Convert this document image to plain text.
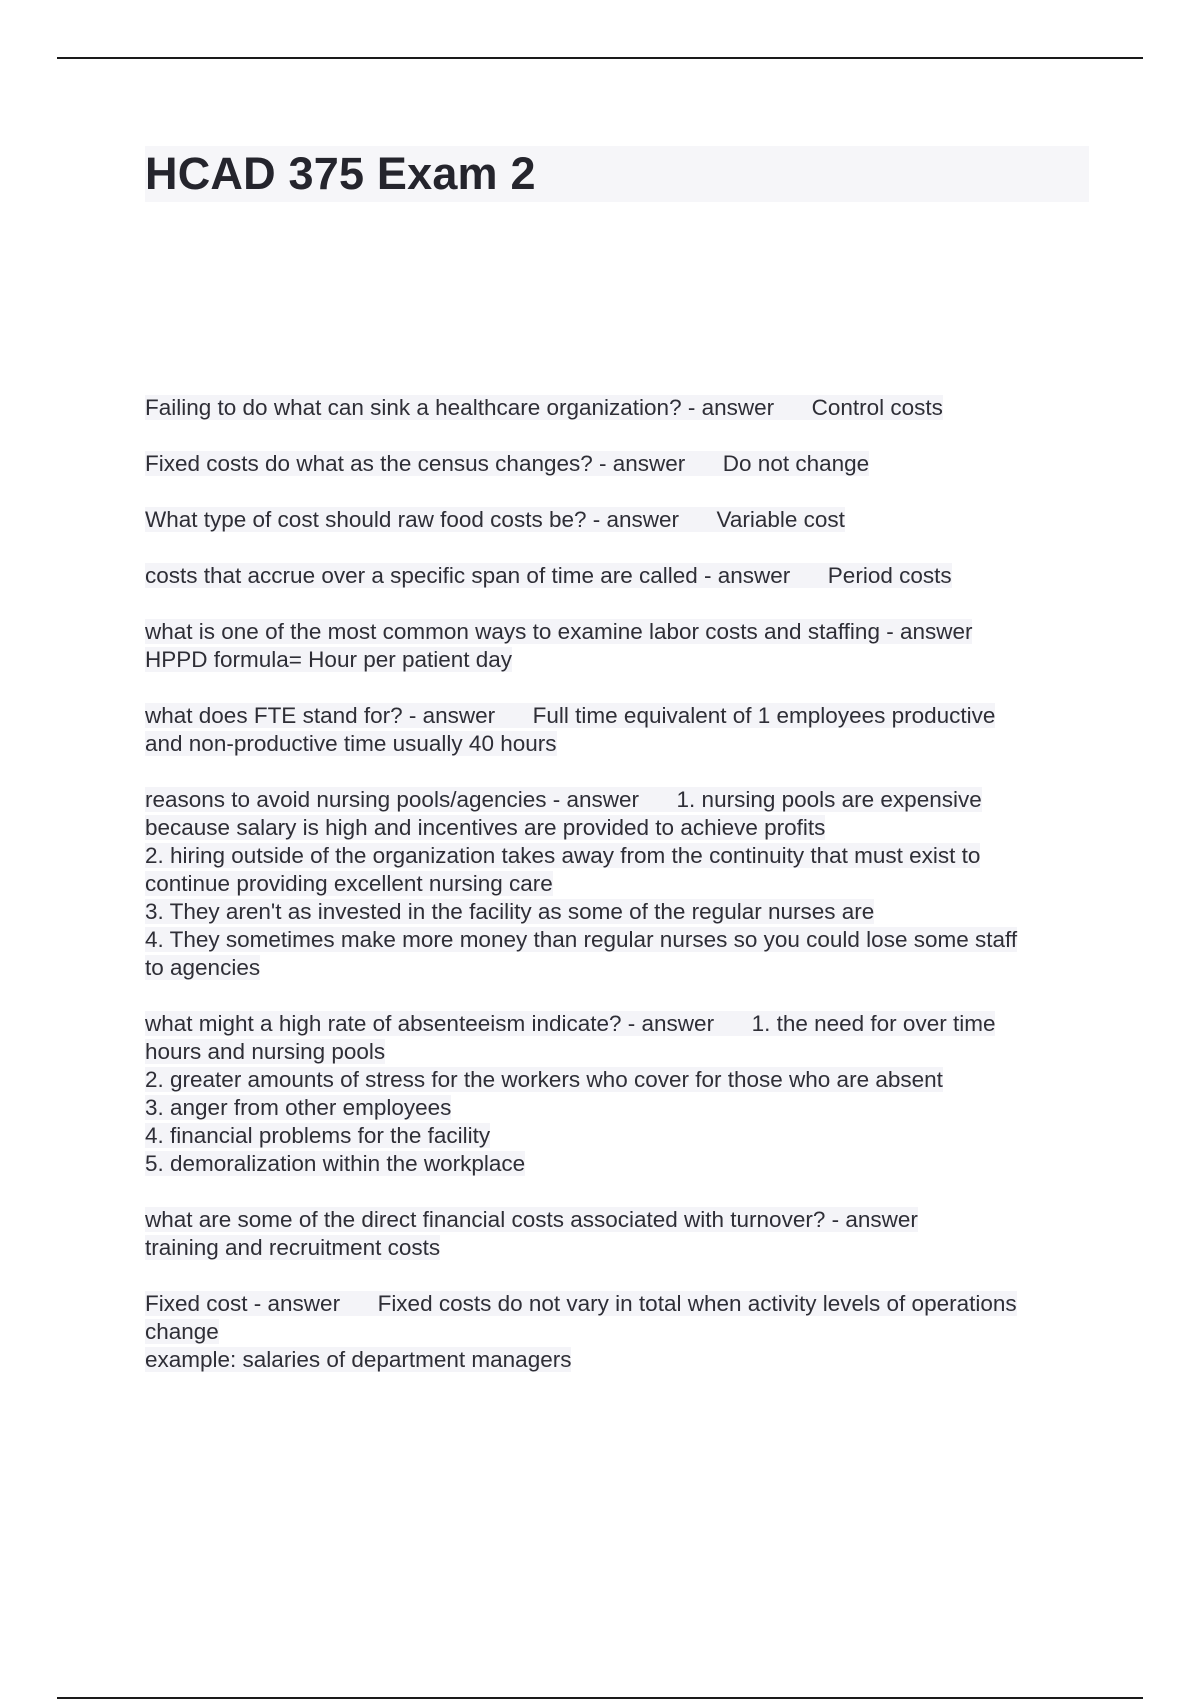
HCAD 375 Exam 2
Failing to do what can sink a healthcare organization? - answer      Control costs
Fixed costs do what as the census changes? - answer      Do not change
What type of cost should raw food costs be? - answer      Variable cost
costs that accrue over a specific span of time are called - answer      Period costs
what is one of the most common ways to examine labor costs and staffing - answer
HPPD formula= Hour per patient day
what does FTE stand for? - answer      Full time equivalent of 1 employees productive
and non-productive time usually 40 hours
reasons to avoid nursing pools/agencies - answer      1. nursing pools are expensive
because salary is high and incentives are provided to achieve profits
2. hiring outside of the organization takes away from the continuity that must exist to
continue providing excellent nursing care
3. They aren't as invested in the facility as some of the regular nurses are
4. They sometimes make more money than regular nurses so you could lose some staff
to agencies
what might a high rate of absenteeism indicate? - answer      1. the need for over time
hours and nursing pools
2. greater amounts of stress for the workers who cover for those who are absent
3. anger from other employees
4. financial problems for the facility
5. demoralization within the workplace
what are some of the direct financial costs associated with turnover? - answer
training and recruitment costs
Fixed cost - answer      Fixed costs do not vary in total when activity levels of operations
change
example: salaries of department managers
